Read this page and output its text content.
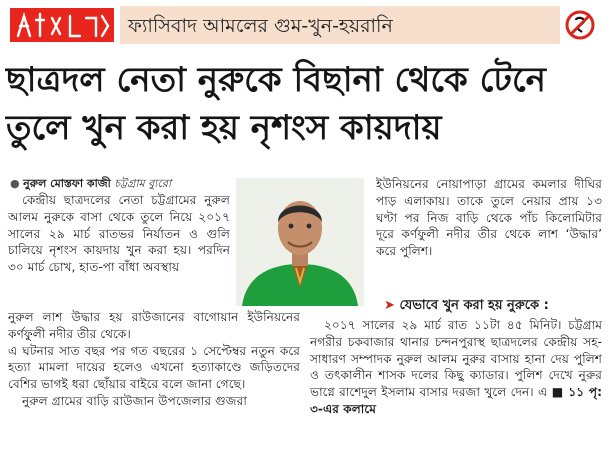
ফ্যাসিবাদ আমলের গুম-খুন-হয়রানি
ছাত্রদল নেতা নুরুকে বিছানা থেকে টেনে
তুলে খুন করা হয় নৃশংস কায়দায়
● নুরুল মোস্তফা কাজী চট্টগ্রাম ব্যুরো

কেন্দ্রীয় ছাত্রদলের নেতা চট্টগ্রামের নুরুল আলম নুরুকে বাসা থেকে তুলে নিয়ে ২০১৭ সালের ২৯ মার্চ রাতভর নির্যাতন ও গুলি চালিয়ে নৃশংস কায়দায় খুন করা হয়। পরদিন ৩০ মার্চ চোখ, হাত-পা বাঁধা অবস্থায়

নুরুল লাশ উদ্ধার হয় রাউজানের বাগোয়ান ইউনিয়নের কর্ণফুলী নদীর তীর থেকে।

এ ঘটনার সাত বছর পর গত বছরের ১ সেপ্টেম্বর নতুন করে হত্যা মামলা দায়ের হলেও এখনো হত্যাকাণ্ডে জড়িতদের বেশির ভাগই ধরা ছোঁয়ার বাইরে বলে জানা গেছে।

নুরুল গ্রামের বাড়ি রাউজান উপজেলার গুজরা

ইউনিয়নের নোয়াপাড়া গ্রামের কমলার দীঘির পাড় এলাকায়। তাকে তুলে নেয়ার প্রায় ১৩ ঘণ্টা পর নিজ বাড়ি থেকে পাঁচ কিলোমিটার দূরে কর্ণফুলী নদীর তীর থেকে লাশ ‘উদ্ধার’ করে পুলিশ।

➤ যেভাবে খুন করা হয় নুরুকে :

২০১৭ সালের ২৯ মার্চ রাত ১১টা ৪৫ মিনিট। চট্টগ্রাম নগরীর চকবাজার থানার চন্দনপুরাস্থ ছাত্রদলের কেন্দ্রীয় সহ-সাধারণ সম্পাদক নুরুল আলম নুরুর বাসায় হানা দেয় পুলিশ ও তৎকালীন শাসক দলের কিছু ক্যাডার। পুলিশ দেখে নুরুর ভাগ্নে রাশেদুল ইসলাম বাসার দরজা খুলে দেন। এ ■ ১১ পৃ: ৩-এর কলামে
